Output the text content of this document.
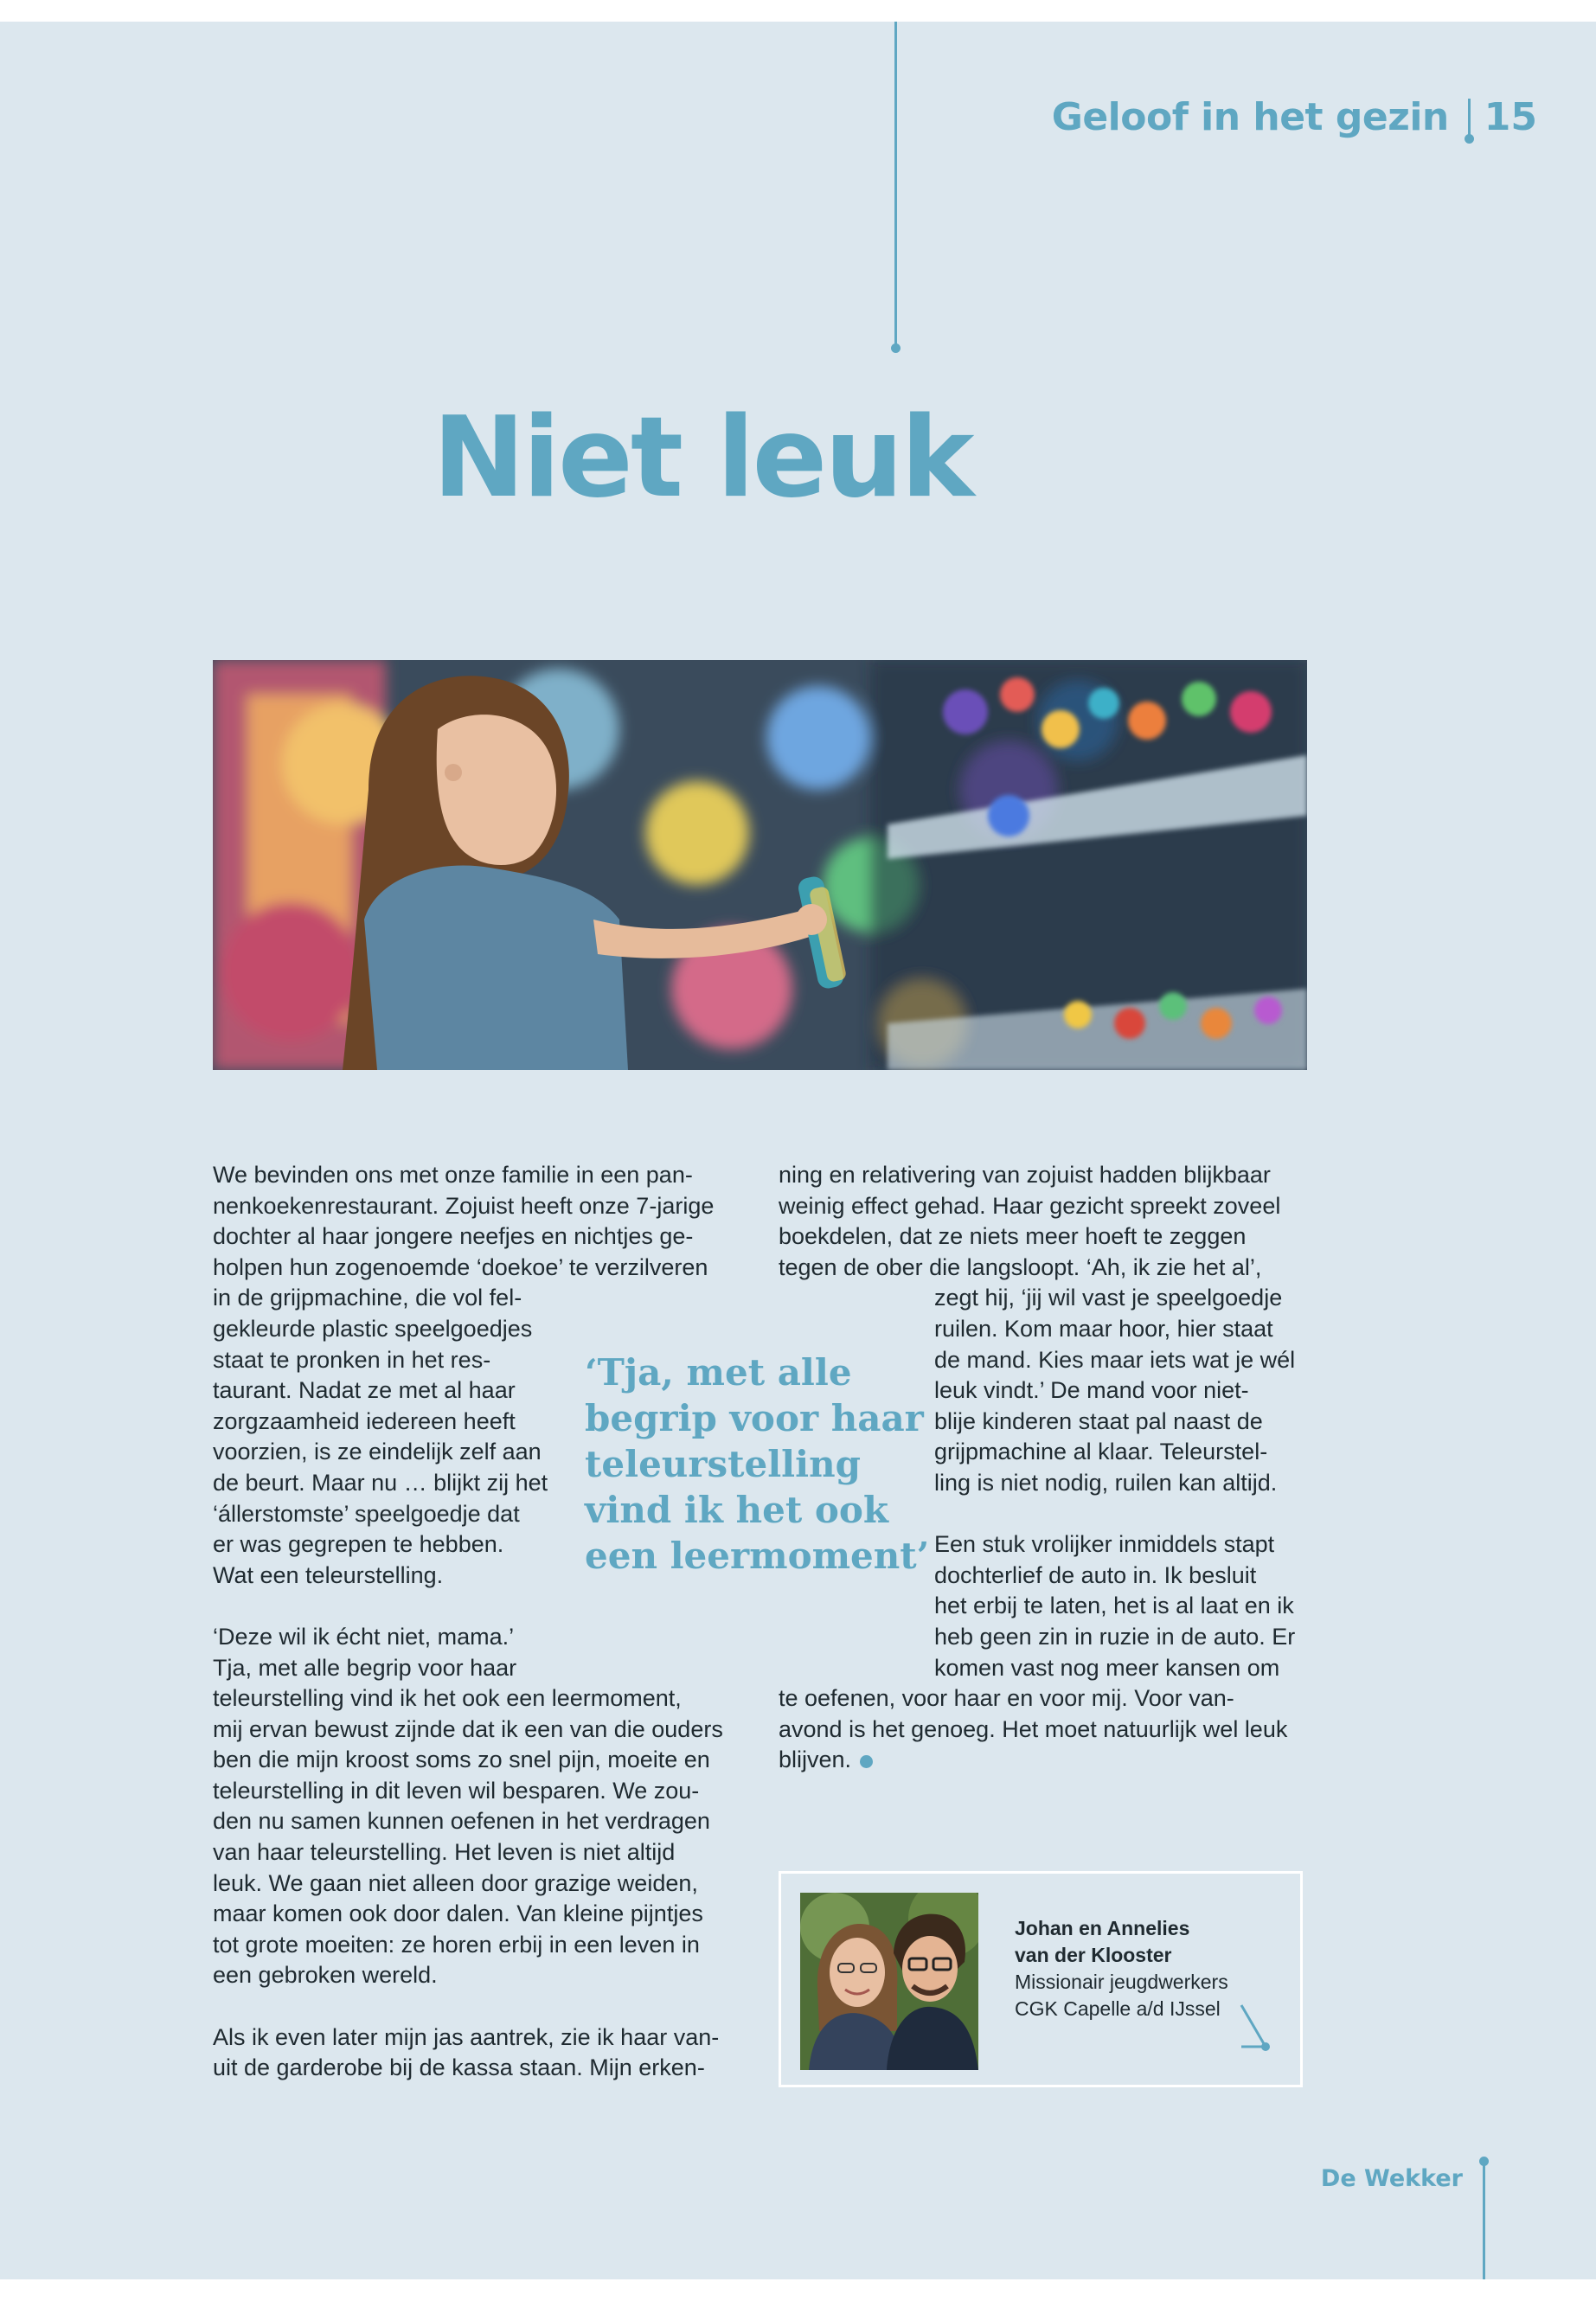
Geloof in het gezin 15
Niet leuk

We bevinden ons met onze familie in een pan-

nenkoekenrestaurant. Zojuist heeft onze 7-jarige

dochter al haar jongere neefjes en nichtjes ge-

holpen hun zogenoemde ‘doekoe’ te verzilveren

in de grijpmachine, die vol fel-

gekleurde plastic speelgoedjes

staat te pronken in het res-

taurant. Nadat ze met al haar

zorgzaamheid iedereen heeft

voorzien, is ze eindelijk zelf aan

de beurt. Maar nu … blijkt zij het

‘állerstomste’ speelgoedje dat

er was gegrepen te hebben.

Wat een teleurstelling.

‘Deze wil ik écht niet, mama.’

Tja, met alle begrip voor haar

teleurstelling vind ik het ook een leermoment,

mij ervan bewust zijnde dat ik een van die ouders

ben die mijn kroost soms zo snel pijn, moeite en

teleurstelling in dit leven wil besparen. We zou-

den nu samen kunnen oefenen in het verdragen

van haar teleurstelling. Het leven is niet altijd

leuk. We gaan niet alleen door grazige weiden,

maar komen ook door dalen. Van kleine pijntjes

tot grote moeiten: ze horen erbij in een leven in

een gebroken wereld.

Als ik even later mijn jas aantrek, zie ik haar van-

uit de garderobe bij de kassa staan. Mijn erken-

‘Tja, met alle

begrip voor haar

teleurstelling

vind ik het ook

een leermoment’

ning en relativering van zojuist hadden blijkbaar

weinig effect gehad. Haar gezicht spreekt zoveel

boekdelen, dat ze niets meer hoeft te zeggen

tegen de ober die langsloopt. ‘Ah, ik zie het al’,

zegt hij, ‘jij wil vast je speelgoedje

ruilen. Kom maar hoor, hier staat

de mand. Kies maar iets wat je wél

leuk vindt.’ De mand voor niet-

blije kinderen staat pal naast de

grijpmachine al klaar. Teleurstel-

ling is niet nodig, ruilen kan altijd.

Een stuk vrolijker inmiddels stapt

dochterlief de auto in. Ik besluit

het erbij te laten, het is al laat en ik

heb geen zin in ruzie in de auto. Er

komen vast nog meer kansen om

te oefenen, voor haar en voor mij. Voor van-

avond is het genoeg. Het moet natuurlijk wel leuk

blijven.

Johan en Annelies

van der Klooster

Missionair jeugdwerkers

CGK Capelle a/d IJssel

De Wekker
